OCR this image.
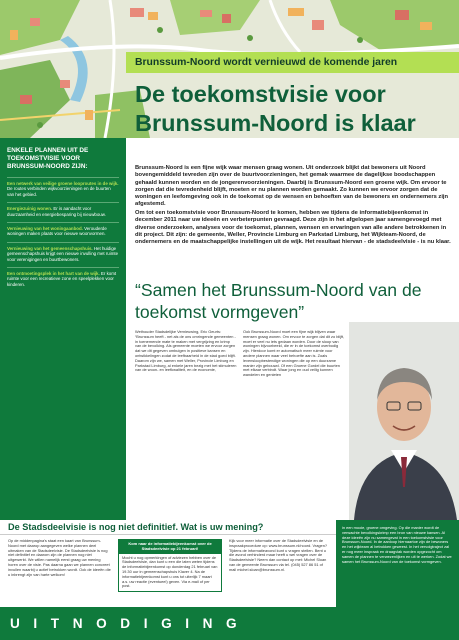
Brunssum-Noord wordt vernieuwd de komende jaren
De toekomstvisie voor Brunssum-Noord is klaar
ENKELE PLANNEN UIT DE TOEKOMSTVISIE VOOR BRUNSSUM-NOORD ZIJN:
Een netwerk van veilige groene looproutes in de wijk. De routes verbinden wijkvoorzieningen en de buurten van het gebied.
Energiezuinig wonen. Er is aandacht voor duurzaamheid en energiebesparing bij nieuwbouw.
Vernieuwing van het woningaanbod. Verouderde woningen maken plaats voor nieuwe woonvormen.
Vernieuwing van het gemeenschapshuis. Het huidige gemeenschapshuis krijgt een nieuwe invulling met ruimte voor verenigingen en buurtbewoners.
Een ontmoetingsplek in het hart van de wijk. Er komt ruimte voor een recreatieve zone en speelplekken voor kinderen.

Brunssum-Noord is een fijne wijk waar mensen graag wonen. Uit onderzoek blijkt dat bewoners uit Noord bovengemiddeld tevreden zijn over de buurtvoorzieningen, het gemak waarmee de dagelijkse boodschappen gehaald kunnen worden en de jongerenvoorzieningen. Daarbij is Brunssum-Noord een groene wijk. Om ervoor te zorgen dat die tevredenheid blijft, moeten er nu plannen worden gemaakt. Zo kunnen we ervoor zorgen dat de woningen en leefomgeving ook in de toekomst op de wensen en behoeften van de bewoners en ondernemers zijn afgestemd.

Om tot een toekomstvisie voor Brunssum-Noord te komen, hebben we tijdens de informatiebijeenkomst in december 2011 naar uw ideeën en verbeterpunten gevraagd. Deze zijn in het afgelopen jaar samengevoegd met diverse onderzoeken, analyses voor de toekomst, plannen, wensen en ervaringen van alle andere betrokkenen in dit project. Dit zijn: de gemeente, Weller, Provincie Limburg en Parkstad Limburg, het Wijkteam-Noord, de ondernemers en de maatschappelijke instellingen uit de wijk. Het resultaat hiervan - de stadsdeelvisie - is nu klaar.

“Samen het Brunssum-Noord van de toekomst vormgeven”

Wethouder Stadsdelijke Vernieuwing, Eric Geurts: “Brunssum heeft - net als de ons omringende gemeenten - in toenemende mate te maken met vergrijzing en krimp van de bevolking. Als gemeente moeten we ervoor zorgen dat we dit gegeven ombuigen in positieve kansen en ontwikkelingen zodat de leefbaarheid in de stad goed blijft. Daarom zijn we, samen met Weller, Provincie Limburg en Parkstad Limburg, al enkele jaren bezig met het stimuleren van de woon- en leefkwaliteit, en de economie,

Ook Brunssum-Noord moet een fijne wijk blijven waar mensen graag wonen. Om ervoor te zorgen dat dit zo blijft, moet er veel nu iets gedaan worden. Door de sloop van woningen bijvoorbeeld, die er in de toekomst overbodig zijn. Hierdoor komt er automatisch meer ruimte voor andere plannen waar veel behoefte aan is. Zoals levensloopbestendige woningen die op een duurzame manier zijn gebouwd. Of een Groene Gordel die buurten met elkaar verbindt. Waar jong en oud veilig kunnen wandelen en genieten

De Stadsdeelvisie is nog niet definitief. Wat is uw mening?

Op de middenpagina's staat een kaart van Brunssum-Noord met daarop aangegeven welke plannen deel uitmaken van de Stadsdeelvisie. De Stadsdeelvisie is nog niet definitief en daarom zijn de plannen nog niet uitgewerkt. We willen namelijk eerst graag uw mening horen over de visie. Pas daarna gaan we plannen concreet invullen waarbij u actief betrokken wordt. Ook de ideeën die u inbrengt zijn van harte welkom!

Kom naar de informatiebijeenkomst over de Stadsdeelvisie op 21 februari!
Mocht u nog opmerkingen of adviezen hebben over de Stadsdeelvisie, dan kunt u een die laten weten tijdens de informatiebijeenkomst op donderdag 21 februari van 19.30 uur in gemeenschapshuis Klaver 4. Na de informatiebijeenkomst kunt u ons tot uiterlijk 7 maart a.s. uw reactie (eventueel) geven. Via e-mail of per post.

Kijk voor meer informatie over de Stadsdeelvisie en de inspraakprocedure op: www.brunssum.nl/noord. Vragen? Tijdens de informatieavond kunt u vragen stellen. Bent u die avond verhinderd maar heeft u wel vragen over de Stadsdeelvisie? Neem dan contact op met: Michel Sloan van de gemeente Brunssum via tel. (045) 527 86 51 of mail michel.sloan@brunssum.nl.

in een mooie, groene omgeving. Op die manier wordt de verwachte bevolkingskrimp een bron van nieuwe kansen. Al deze ideeën zijn nu samengevat in een toekomstvisie voor Brunssum-Noord. In de aanloop hiernaartoe zijn de bewoners en het wijkteam al betrokken geweest. In het vervolgtraject zal er nog meer inspraak en draagvlak worden opgezocht om samen de plannen te verwezenlijken en uit te werken. Zodat we samen het Brunssum-Noord van de toekomst vormgeven.
UITNODIGING
